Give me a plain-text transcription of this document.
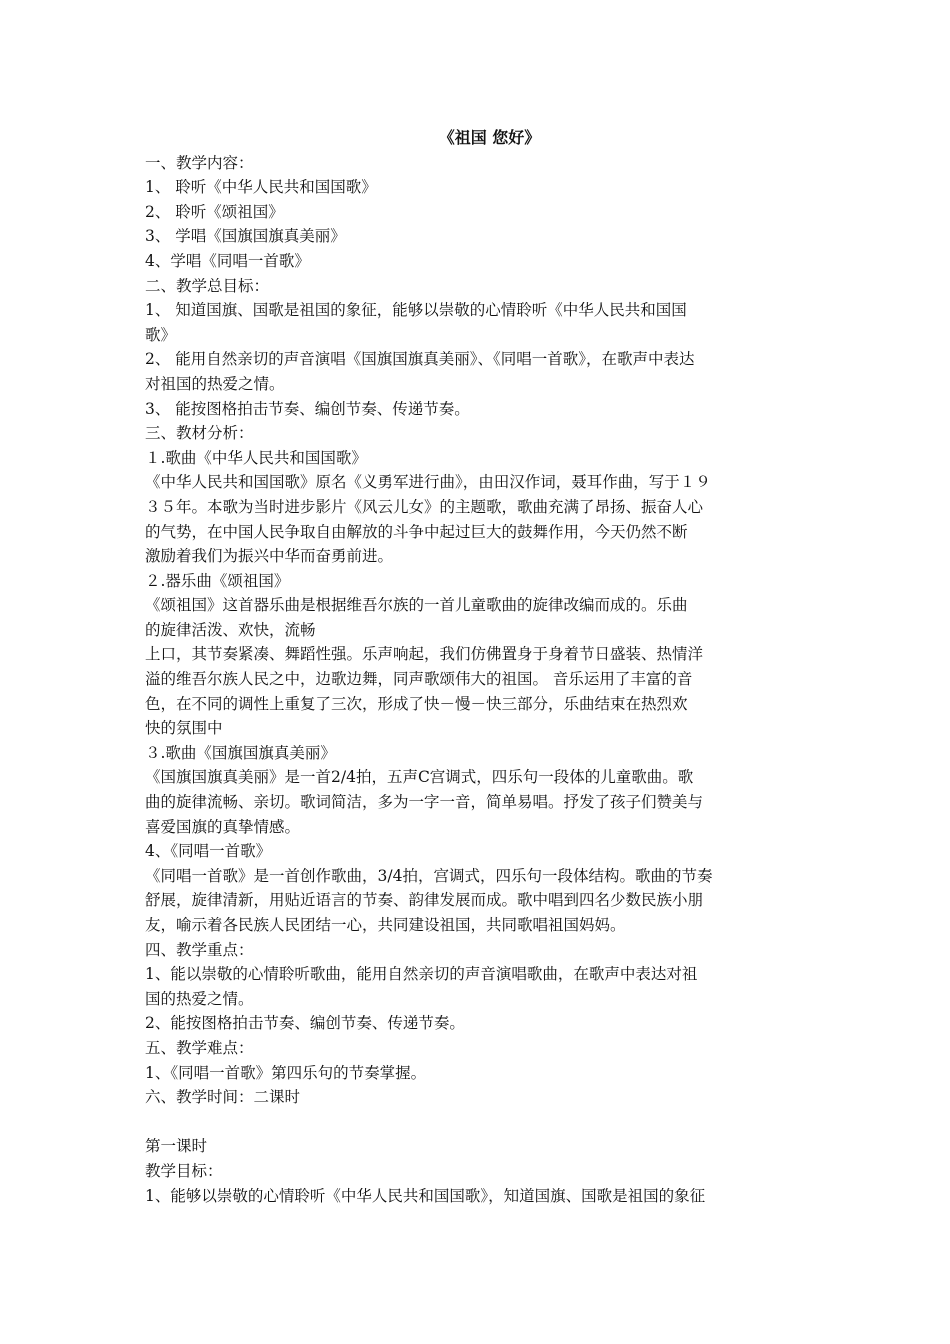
《祖国 您好》

一、教学内容：

1、 聆听《中华人民共和国国歌》

2、 聆听《颂祖国》

3、 学唱《国旗国旗真美丽》

4、学唱《同唱一首歌》

二、教学总目标：

1、 知道国旗、国歌是祖国的象征，能够以崇敬的心情聆听《中华人民共和国国

歌》

2、 能用自然亲切的声音演唱《国旗国旗真美丽》、《同唱一首歌》，在歌声中表达

对祖国的热爱之情。

3、 能按图格拍击节奏、编创节奏、传递节奏。

三、教材分析：

１.歌曲《中华人民共和国国歌》

《中华人民共和国国歌》原名《义勇军进行曲》，由田汉作词，聂耳作曲，写于１９

３５年。本歌为当时进步影片《风云儿女》的主题歌，歌曲充满了昂扬、振奋人心

的气势，在中国人民争取自由解放的斗争中起过巨大的鼓舞作用，今天仍然不断

激励着我们为振兴中华而奋勇前进。

２.器乐曲《颂祖国》

《颂祖国》这首器乐曲是根据维吾尔族的一首儿童歌曲的旋律改编而成的。乐曲

的旋律活泼、欢快，流畅

上口，其节奏紧凑、舞蹈性强。乐声响起，我们仿佛置身于身着节日盛装、热情洋

溢的维吾尔族人民之中，边歌边舞，同声歌颂伟大的祖国。 音乐运用了丰富的音

色，在不同的调性上重复了三次，形成了快－慢－快三部分，乐曲结束在热烈欢

快的氛围中

３.歌曲《国旗国旗真美丽》

《国旗国旗真美丽》是一首2/4拍，五声C宫调式，四乐句一段体的儿童歌曲。歌

曲的旋律流畅、亲切。歌词简洁，多为一字一音，简单易唱。抒发了孩子们赞美与

喜爱国旗的真挚情感。

4、《同唱一首歌》

《同唱一首歌》是一首创作歌曲，3/4拍，宫调式，四乐句一段体结构。歌曲的节奏

舒展，旋律清新，用贴近语言的节奏、韵律发展而成。歌中唱到四名少数民族小朋

友，喻示着各民族人民团结一心，共同建设祖国，共同歌唱祖国妈妈。

四、教学重点：

1、能以崇敬的心情聆听歌曲，能用自然亲切的声音演唱歌曲，在歌声中表达对祖

国的热爱之情。

2、能按图格拍击节奏、编创节奏、传递节奏。

五、教学难点：

1、《同唱一首歌》第四乐句的节奏掌握。

六、教学时间：二课时

第一课时

教学目标：

1、能够以崇敬的心情聆听《中华人民共和国国歌》，知道国旗、国歌是祖国的象征
